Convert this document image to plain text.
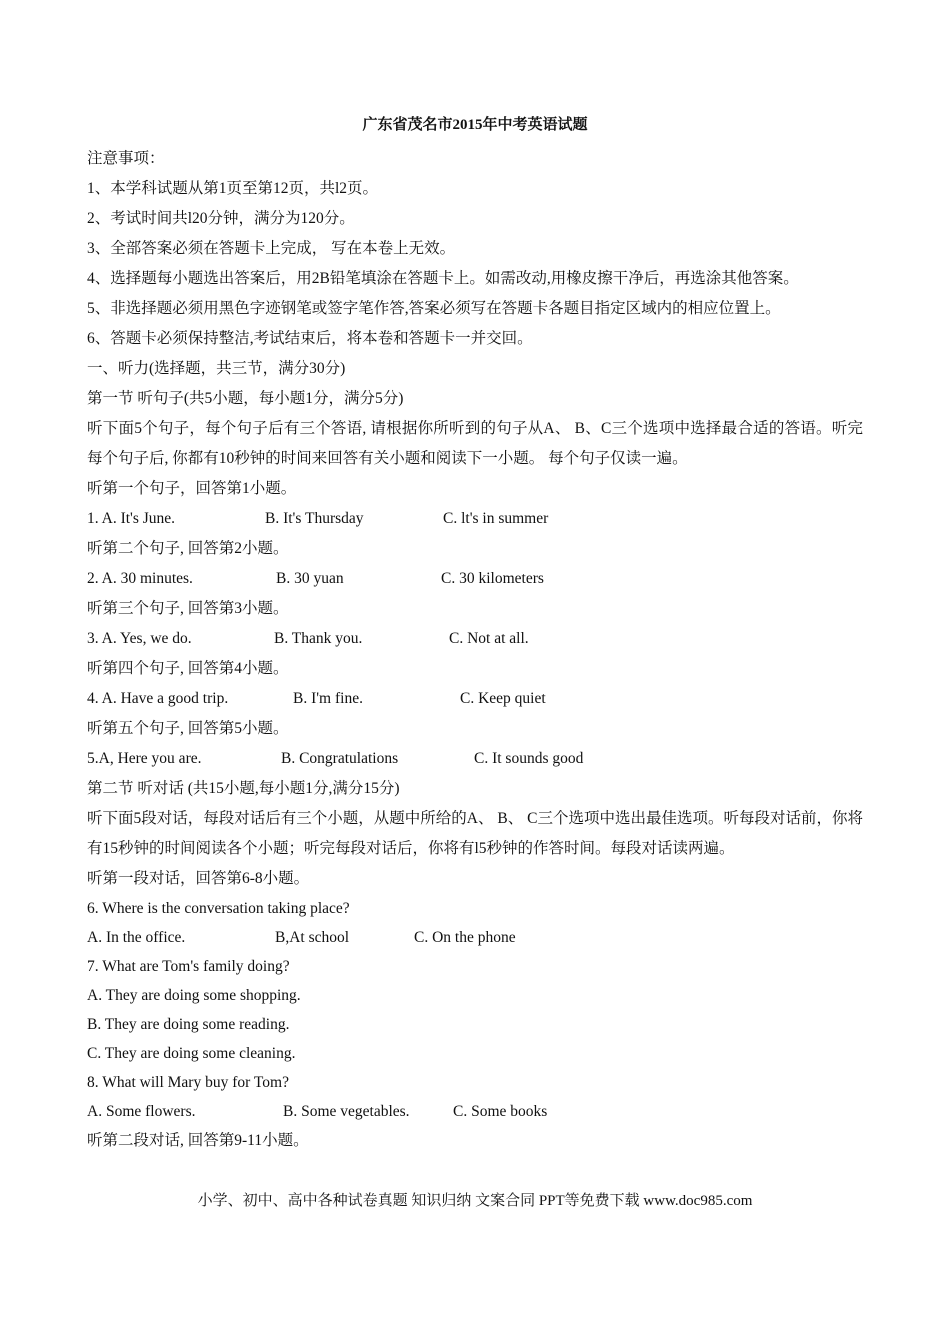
广东省茂名市2015年中考英语试题
注意事项：
1、本学科试题从第1页至第12页，共l2页。
2、考试时间共l20分钟，满分为120分。
3、全部答案必须在答题卡上完成， 写在本卷上无效。
4、选择题每小题选出答案后，用2B铅笔填涂在答题卡上。如需改动,用橡皮擦干净后，再选涂其他答案。
5、非选择题必须用黑色字迹钢笔或签字笔作答,答案必须写在答题卡各题目指定区域内的相应位置上。
6、答题卡必须保持整洁,考试结束后，将本卷和答题卡一并交回。
一、听力(选择题，共三节，满分30分)
第一节 听句子(共5小题，每小题1分，满分5分)
听下面5个句子，每个句子后有三个答语, 请根据你所听到的句子从A、 B、C三个选项中选择最合适的答语。听完每个句子后, 你都有10秒钟的时间来回答有关小题和阅读下一小题。 每个句子仅读一遍。
听第一个句子，回答第1小题。
1. A. It's June.	B. It's Thursday	C. lt's in summer
听第二个句子, 回答第2小题。
2. A. 30 minutes.	B. 30 yuan	C. 30 kilometers
听第三个句子, 回答第3小题。
3. A. Yes, we do.	B. Thank you.	C. Not at all.
听第四个句子, 回答第4小题。
4. A. Have a good trip.	B. I'm fine.	C. Keep quiet
听第五个句子, 回答第5小题。
5.A, Here you are.	B. Congratulations	C. It sounds good
第二节 听对话 (共15小题,每小题1分,满分15分)
听下面5段对话，每段对话后有三个小题，从题中所给的A、 B、 C三个选项中选出最佳选项。听每段对话前，你将有15秒钟的时间阅读各个小题；听完每段对话后，你将有l5秒钟的作答时间。每段对话读两遍。
听第一段对话，回答第6-8小题。
6. Where is the conversation taking place?
A. In the office.	B,At school	C. On the phone
7. What are Tom's family doing?
A. They are doing some shopping.
B. They are doing some reading.
C. They are doing some cleaning.
8. What will Mary buy for Tom?
A. Some flowers.	B. Some vegetables.	C. Some books
听第二段对话, 回答第9-11小题。
小学、初中、高中各种试卷真题 知识归纳 文案合同 PPT等免费下载 www.doc985.com
